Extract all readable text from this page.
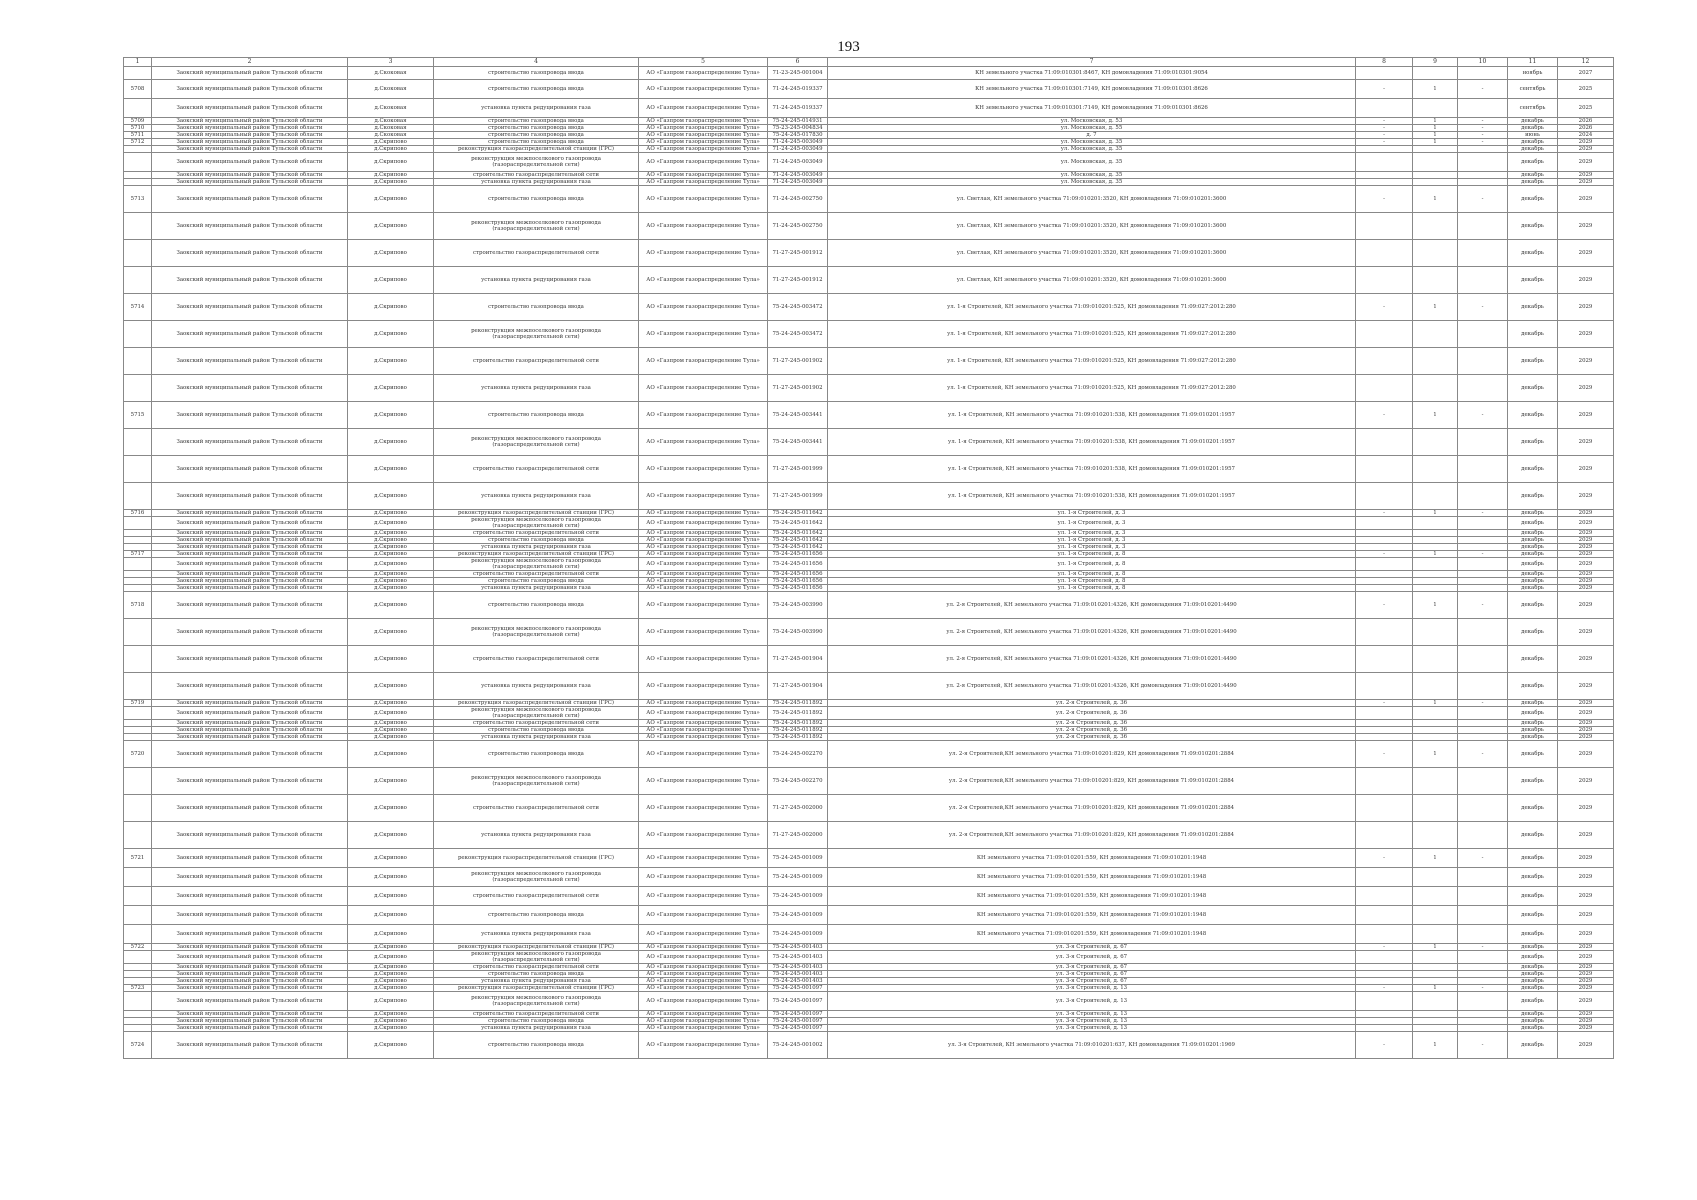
193
1	2	3	4	5	6	7	8	9	10	11	12
	Заокский муниципальный район Тульской области	д.Скоковая	строительство газопровода ввода	АО «Газпром газораспределение Тула»	71-23-245-001004	КН земельного участка 71:09:010301:8467, КН домовладения 71:09:010301:9054				ноябрь	2027
5708	Заокский муниципальный район Тульской области	д.Скоковая	строительство газопровода ввода	АО «Газпром газораспределение Тула»	71-24-245-019337	КН земельного участка 71:09:010301:7149, КН домовладения 71:09:010301:8626	-	1	-	сентябрь	2025
	Заокский муниципальный район Тульской области	д.Скоковая	установка пункта редуцирования газа	АО «Газпром газораспределение Тула»	71-24-245-019337	КН земельного участка 71:09:010301:7149, КН домовладения 71:09:010301:8626				сентябрь	2025
5709	Заокский муниципальный район Тульской области	д.Скоковая	строительство газопровода ввода	АО «Газпром газораспределение Тула»	75-24-245-014931	ул. Московская, д. 53	-	1	-	декабрь	2026
5710	Заокский муниципальный район Тульской области	д.Скоковая	строительство газопровода ввода	АО «Газпром газораспределение Тула»	75-23-245-004834	ул. Московская, д. 55	-	1	-	декабрь	2026
5711	Заокский муниципальный район Тульской области	д.Скоковая	строительство газопровода ввода	АО «Газпром газораспределение Тула»	75-24-245-017830	д. 7	-	1	-	июнь	2024
5712	Заокский муниципальный район Тульской области	д.Скрипово	строительство газопровода ввода	АО «Газпром газораспределение Тула»	71-24-245-003049	ул. Московская, д. 35	-	1	-	декабрь	2029
	Заокский муниципальный район Тульской области	д.Скрипово	реконструкция газораспределительной станции (ГРС)	АО «Газпром газораспределение Тула»	71-24-245-003049	ул. Московская, д. 35				декабрь	2029
	Заокский муниципальный район Тульской области	д.Скрипово	реконструкция межпоселкового газопровода (газораспределительной сети)	АО «Газпром газораспределение Тула»	71-24-245-003049	ул. Московская, д. 35				декабрь	2029
	Заокский муниципальный район Тульской области	д.Скрипово	строительство газораспределительной сети	АО «Газпром газораспределение Тула»	71-24-245-003049	ул. Московская, д. 35				декабрь	2029
	Заокский муниципальный район Тульской области	д.Скрипово	установка пункта редуцирования газа	АО «Газпром газораспределение Тула»	71-24-245-003049	ул. Московская, д. 35				декабрь	2029
5713	Заокский муниципальный район Тульской области	д.Скрипово	строительство газопровода ввода	АО «Газпром газораспределение Тула»	71-24-245-002750	ул. Светлая, КН земельного участка 71:09:010201:3520, КН домовладения 71:09:010201:3600	-	1	-	декабрь	2029
	Заокский муниципальный район Тульской области	д.Скрипово	реконструкция межпоселкового газопровода (газораспределительной сети)	АО «Газпром газораспределение Тула»	71-24-245-002750	ул. Светлая, КН земельного участка 71:09:010201:3520, КН домовладения 71:09:010201:3600				декабрь	2029
	Заокский муниципальный район Тульской области	д.Скрипово	строительство газораспределительной сети	АО «Газпром газораспределение Тула»	71-27-245-001912	ул. Светлая, КН земельного участка 71:09:010201:3520, КН домовладения 71:09:010201:3600				декабрь	2029
	Заокский муниципальный район Тульской области	д.Скрипово	установка пункта редуцирования газа	АО «Газпром газораспределение Тула»	71-27-245-001912	ул. Светлая, КН земельного участка 71:09:010201:3520, КН домовладения 71:09:010201:3600				декабрь	2029
5714	Заокский муниципальный район Тульской области	д.Скрипово	строительство газопровода ввода	АО «Газпром газораспределение Тула»	75-24-245-003472	ул. 1-я Строителей, КН земельного участка 71:09:010201:525, КН домовладения 71:09:027:2012:280	-	1	-	декабрь	2029
	Заокский муниципальный район Тульской области	д.Скрипово	реконструкция межпоселкового газопровода (газораспределительной сети)	АО «Газпром газораспределение Тула»	75-24-245-003472	ул. 1-я Строителей, КН земельного участка 71:09:010201:525, КН домовладения 71:09:027:2012:280				декабрь	2029
	Заокский муниципальный район Тульской области	д.Скрипово	строительство газораспределительной сети	АО «Газпром газораспределение Тула»	71-27-245-001902	ул. 1-я Строителей, КН земельного участка 71:09:010201:525, КН домовладения 71:09:027:2012:280				декабрь	2029
	Заокский муниципальный район Тульской области	д.Скрипово	установка пункта редуцирования газа	АО «Газпром газораспределение Тула»	71-27-245-001902	ул. 1-я Строителей, КН земельного участка 71:09:010201:525, КН домовладения 71:09:027:2012:280				декабрь	2029
5715	Заокский муниципальный район Тульской области	д.Скрипово	строительство газопровода ввода	АО «Газпром газораспределение Тула»	75-24-245-003441	ул. 1-я Строителей, КН земельного участка 71:09:010201:538, КН домовладения 71:09:010201:1957	-	1	-	декабрь	2029
	Заокский муниципальный район Тульской области	д.Скрипово	реконструкция межпоселкового газопровода (газораспределительной сети)	АО «Газпром газораспределение Тула»	75-24-245-003441	ул. 1-я Строителей, КН земельного участка 71:09:010201:538, КН домовладения 71:09:010201:1957				декабрь	2029
	Заокский муниципальный район Тульской области	д.Скрипово	строительство газораспределительной сети	АО «Газпром газораспределение Тула»	71-27-245-001999	ул. 1-я Строителей, КН земельного участка 71:09:010201:538, КН домовладения 71:09:010201:1957				декабрь	2029
	Заокский муниципальный район Тульской области	д.Скрипово	установка пункта редуцирования газа	АО «Газпром газораспределение Тула»	71-27-245-001999	ул. 1-я Строителей, КН земельного участка 71:09:010201:538, КН домовладения 71:09:010201:1957				декабрь	2029
5716	Заокский муниципальный район Тульской области	д.Скрипово	реконструкция газораспределительной станции (ГРС)	АО «Газпром газораспределение Тула»	75-24-245-011642	ул. 1-я Строителей, д. 3	-	1	-	декабрь	2029
	Заокский муниципальный район Тульской области	д.Скрипово	реконструкция межпоселкового газопровода (газораспределительной сети)	АО «Газпром газораспределение Тула»	75-24-245-011642	ул. 1-я Строителей, д. 3				декабрь	2029
	Заокский муниципальный район Тульской области	д.Скрипово	строительство газораспределительной сети	АО «Газпром газораспределение Тула»	75-24-245-011642	ул. 1-я Строителей, д. 3				декабрь	2029
	Заокский муниципальный район Тульской области	д.Скрипово	строительство газопровода ввода	АО «Газпром газораспределение Тула»	75-24-245-011642	ул. 1-я Строителей, д. 3				декабрь	2029
	Заокский муниципальный район Тульской области	д.Скрипово	установка пункта редуцирования газа	АО «Газпром газораспределение Тула»	75-24-245-011642	ул. 1-я Строителей, д. 3				декабрь	2029
5717	Заокский муниципальный район Тульской области	д.Скрипово	реконструкция газораспределительной станции (ГРС)	АО «Газпром газораспределение Тула»	75-24-245-011656	ул. 1-я Строителей, д. 8	-	1	-	декабрь	2029
	Заокский муниципальный район Тульской области	д.Скрипово	реконструкция межпоселкового газопровода (газораспределительной сети)	АО «Газпром газораспределение Тула»	75-24-245-011656	ул. 1-я Строителей, д. 8				декабрь	2029
	Заокский муниципальный район Тульской области	д.Скрипово	строительство газораспределительной сети	АО «Газпром газораспределение Тула»	75-24-245-011656	ул. 1-я Строителей, д. 8				декабрь	2029
	Заокский муниципальный район Тульской области	д.Скрипово	строительство газопровода ввода	АО «Газпром газораспределение Тула»	75-24-245-011656	ул. 1-я Строителей, д. 8				декабрь	2029
	Заокский муниципальный район Тульской области	д.Скрипово	установка пункта редуцирования газа	АО «Газпром газораспределение Тула»	75-24-245-011656	ул. 1-я Строителей, д. 8				декабрь	2029
5718	Заокский муниципальный район Тульской области	д.Скрипово	строительство газопровода ввода	АО «Газпром газораспределение Тула»	75-24-245-003990	ул. 2-я Строителей, КН земельного участка 71:09:010201:4326, КН домовладения 71:09:010201:4490	-	1	-	декабрь	2029
	Заокский муниципальный район Тульской области	д.Скрипово	реконструкция межпоселкового газопровода (газораспределительной сети)	АО «Газпром газораспределение Тула»	75-24-245-003990	ул. 2-я Строителей, КН земельного участка 71:09:010201:4326, КН домовладения 71:09:010201:4490				декабрь	2029
	Заокский муниципальный район Тульской области	д.Скрипово	строительство газораспределительной сети	АО «Газпром газораспределение Тула»	71-27-245-001904	ул. 2-я Строителей, КН земельного участка 71:09:010201:4326, КН домовладения 71:09:010201:4490				декабрь	2029
	Заокский муниципальный район Тульской области	д.Скрипово	установка пункта редуцирования газа	АО «Газпром газораспределение Тула»	71-27-245-001904	ул. 2-я Строителей, КН земельного участка 71:09:010201:4326, КН домовладения 71:09:010201:4490				декабрь	2029
5719	Заокский муниципальный район Тульской области	д.Скрипово	реконструкция газораспределительной станции (ГРС)	АО «Газпром газораспределение Тула»	75-24-245-011892	ул. 2-я Строителей, д. 36	-	1	-	декабрь	2029
	Заокский муниципальный район Тульской области	д.Скрипово	реконструкция межпоселкового газопровода (газораспределительной сети)	АО «Газпром газораспределение Тула»	75-24-245-011892	ул. 2-я Строителей, д. 36				декабрь	2029
	Заокский муниципальный район Тульской области	д.Скрипово	строительство газораспределительной сети	АО «Газпром газораспределение Тула»	75-24-245-011892	ул. 2-я Строителей, д. 36				декабрь	2029
	Заокский муниципальный район Тульской области	д.Скрипово	строительство газопровода ввода	АО «Газпром газораспределение Тула»	75-24-245-011892	ул. 2-я Строителей, д. 36				декабрь	2029
	Заокский муниципальный район Тульской области	д.Скрипово	установка пункта редуцирования газа	АО «Газпром газораспределение Тула»	75-24-245-011892	ул. 2-я Строителей, д. 36				декабрь	2029
5720	Заокский муниципальный район Тульской области	д.Скрипово	строительство газопровода ввода	АО «Газпром газораспределение Тула»	75-24-245-002270	ул. 2-я Строителей,КН земельного участка 71:09:010201:829, КН домовладения 71:09:010201:2884	-	1	-	декабрь	2029
	Заокский муниципальный район Тульской области	д.Скрипово	реконструкция межпоселкового газопровода (газораспределительной сети)	АО «Газпром газораспределение Тула»	75-24-245-002270	ул. 2-я Строителей,КН земельного участка 71:09:010201:829, КН домовладения 71:09:010201:2884				декабрь	2029
	Заокский муниципальный район Тульской области	д.Скрипово	строительство газораспределительной сети	АО «Газпром газораспределение Тула»	71-27-245-002000	ул. 2-я Строителей,КН земельного участка 71:09:010201:829, КН домовладения 71:09:010201:2884				декабрь	2029
	Заокский муниципальный район Тульской области	д.Скрипово	установка пункта редуцирования газа	АО «Газпром газораспределение Тула»	71-27-245-002000	ул. 2-я Строителей,КН земельного участка 71:09:010201:829, КН домовладения 71:09:010201:2884				декабрь	2029
5721	Заокский муниципальный район Тульской области	д.Скрипово	реконструкция газораспределительной станции (ГРС)	АО «Газпром газораспределение Тула»	75-24-245-001009	КН земельного участка 71:09:010201:559, КН домовладения 71:09:010201:1948	-	1	-	декабрь	2029
	Заокский муниципальный район Тульской области	д.Скрипово	реконструкция межпоселкового газопровода (газораспределительной сети)	АО «Газпром газораспределение Тула»	75-24-245-001009	КН земельного участка 71:09:010201:559, КН домовладения 71:09:010201:1948				декабрь	2029
	Заокский муниципальный район Тульской области	д.Скрипово	строительство газораспределительной сети	АО «Газпром газораспределение Тула»	75-24-245-001009	КН земельного участка 71:09:010201:559, КН домовладения 71:09:010201:1948				декабрь	2029
	Заокский муниципальный район Тульской области	д.Скрипово	строительство газопровода ввода	АО «Газпром газораспределение Тула»	75-24-245-001009	КН земельного участка 71:09:010201:559, КН домовладения 71:09:010201:1948				декабрь	2029
	Заокский муниципальный район Тульской области	д.Скрипово	установка пункта редуцирования газа	АО «Газпром газораспределение Тула»	75-24-245-001009	КН земельного участка 71:09:010201:559, КН домовладения 71:09:010201:1948				декабрь	2029
5722	Заокский муниципальный район Тульской области	д.Скрипово	реконструкция газораспределительной станции (ГРС)	АО «Газпром газораспределение Тула»	75-24-245-001403	ул. 3-я Строителей, д. 67	-	1	-	декабрь	2029
	Заокский муниципальный район Тульской области	д.Скрипово	реконструкция межпоселкового газопровода (газораспределительной сети)	АО «Газпром газораспределение Тула»	75-24-245-001403	ул. 3-я Строителей, д. 67				декабрь	2029
	Заокский муниципальный район Тульской области	д.Скрипово	строительство газораспределительной сети	АО «Газпром газораспределение Тула»	75-24-245-001403	ул. 3-я Строителей, д. 67				декабрь	2029
	Заокский муниципальный район Тульской области	д.Скрипово	строительство газопровода ввода	АО «Газпром газораспределение Тула»	75-24-245-001403	ул. 3-я Строителей, д. 67				декабрь	2029
	Заокский муниципальный район Тульской области	д.Скрипово	установка пункта редуцирования газа	АО «Газпром газораспределение Тула»	75-24-245-001403	ул. 3-я Строителей, д. 67				декабрь	2029
5723	Заокский муниципальный район Тульской области	д.Скрипово	реконструкция газораспределительной станции (ГРС)	АО «Газпром газораспределение Тула»	75-24-245-001097	ул. 3-я Строителей, д. 13	-	1	-	декабрь	2029
	Заокский муниципальный район Тульской области	д.Скрипово	реконструкция межпоселкового газопровода (газораспределительной сети)	АО «Газпром газораспределение Тула»	75-24-245-001097	ул. 3-я Строителей, д. 13				декабрь	2029
	Заокский муниципальный район Тульской области	д.Скрипово	строительство газораспределительной сети	АО «Газпром газораспределение Тула»	75-24-245-001097	ул. 3-я Строителей, д. 13				декабрь	2029
	Заокский муниципальный район Тульской области	д.Скрипово	строительство газопровода ввода	АО «Газпром газораспределение Тула»	75-24-245-001097	ул. 3-я Строителей, д. 13				декабрь	2029
	Заокский муниципальный район Тульской области	д.Скрипово	установка пункта редуцирования газа	АО «Газпром газораспределение Тула»	75-24-245-001097	ул. 3-я Строителей, д. 13				декабрь	2029
5724	Заокский муниципальный район Тульской области	д.Скрипово	строительство газопровода ввода	АО «Газпром газораспределение Тула»	75-24-245-001002	ул. 3-я Строителей, КН земельного участка 71:09:010201:637, КН домовладения 71:09:010201:1969	-	1	-	декабрь	2029
